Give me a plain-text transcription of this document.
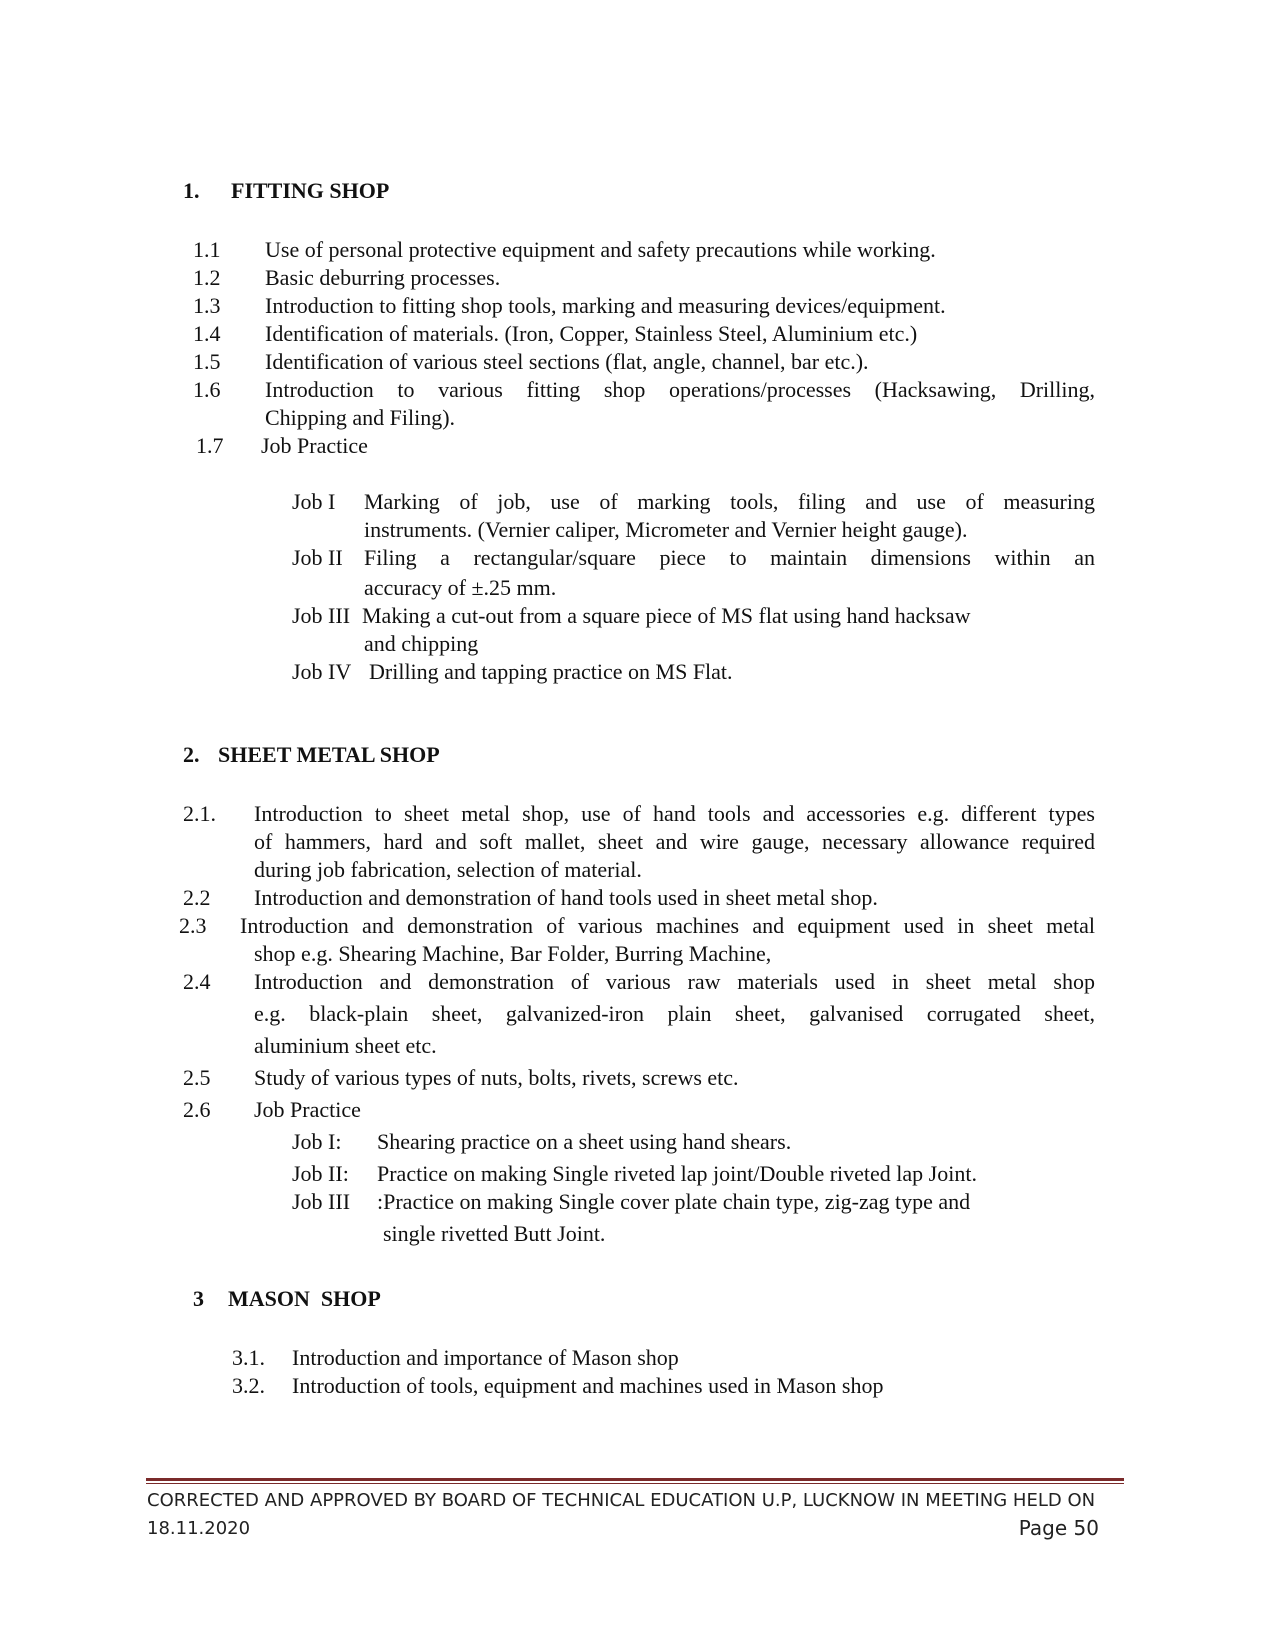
1. FITTING SHOP
1.1 Use of personal protective equipment and safety precautions while working.
1.2 Basic deburring processes.
1.3 Introduction to fitting shop tools, marking and measuring devices/equipment.
1.4 Identification of materials. (Iron, Copper, Stainless Steel, Aluminium etc.)
1.5 Identification of various steel sections (flat, angle, channel, bar etc.).
1.6 Introduction to various fitting shop operations/processes (Hacksawing, Drilling,
Chipping and Filing).
1.7 Job Practice
Job I Marking of job, use of marking tools, filing and use of measuring
instruments. (Vernier caliper, Micrometer and Vernier height gauge).
Job II Filing a rectangular/square piece to maintain dimensions within an
accuracy of ±.25 mm.
Job III Making a cut-out from a square piece of MS flat using hand hacksaw
and chipping
Job IV Drilling and tapping practice on MS Flat.
2. SHEET METAL SHOP
2.1. Introduction to sheet metal shop, use of hand tools and accessories e.g. different types
of hammers, hard and soft mallet, sheet and wire gauge, necessary allowance required
during job fabrication, selection of material.
2.2 Introduction and demonstration of hand tools used in sheet metal shop.
2.3 Introduction and demonstration of various machines and equipment used in sheet metal
shop e.g. Shearing Machine, Bar Folder, Burring Machine,
2.4 Introduction and demonstration of various raw materials used in sheet metal shop
e.g. black-plain sheet, galvanized-iron plain sheet, galvanised corrugated sheet,
aluminium sheet etc.
2.5 Study of various types of nuts, bolts, rivets, screws etc.
2.6 Job Practice
Job I: Shearing practice on a sheet using hand shears.
Job II: Practice on making Single riveted lap joint/Double riveted lap Joint.
Job III :Practice on making Single cover plate chain type, zig-zag type and
single rivetted Butt Joint.
3 MASON  SHOP
3.1. Introduction and importance of Mason shop
3.2. Introduction of tools, equipment and machines used in Mason shop
CORRECTED AND APPROVED BY BOARD OF TECHNICAL EDUCATION U.P, LUCKNOW IN MEETING HELD ON
18.11.2020	Page 50
